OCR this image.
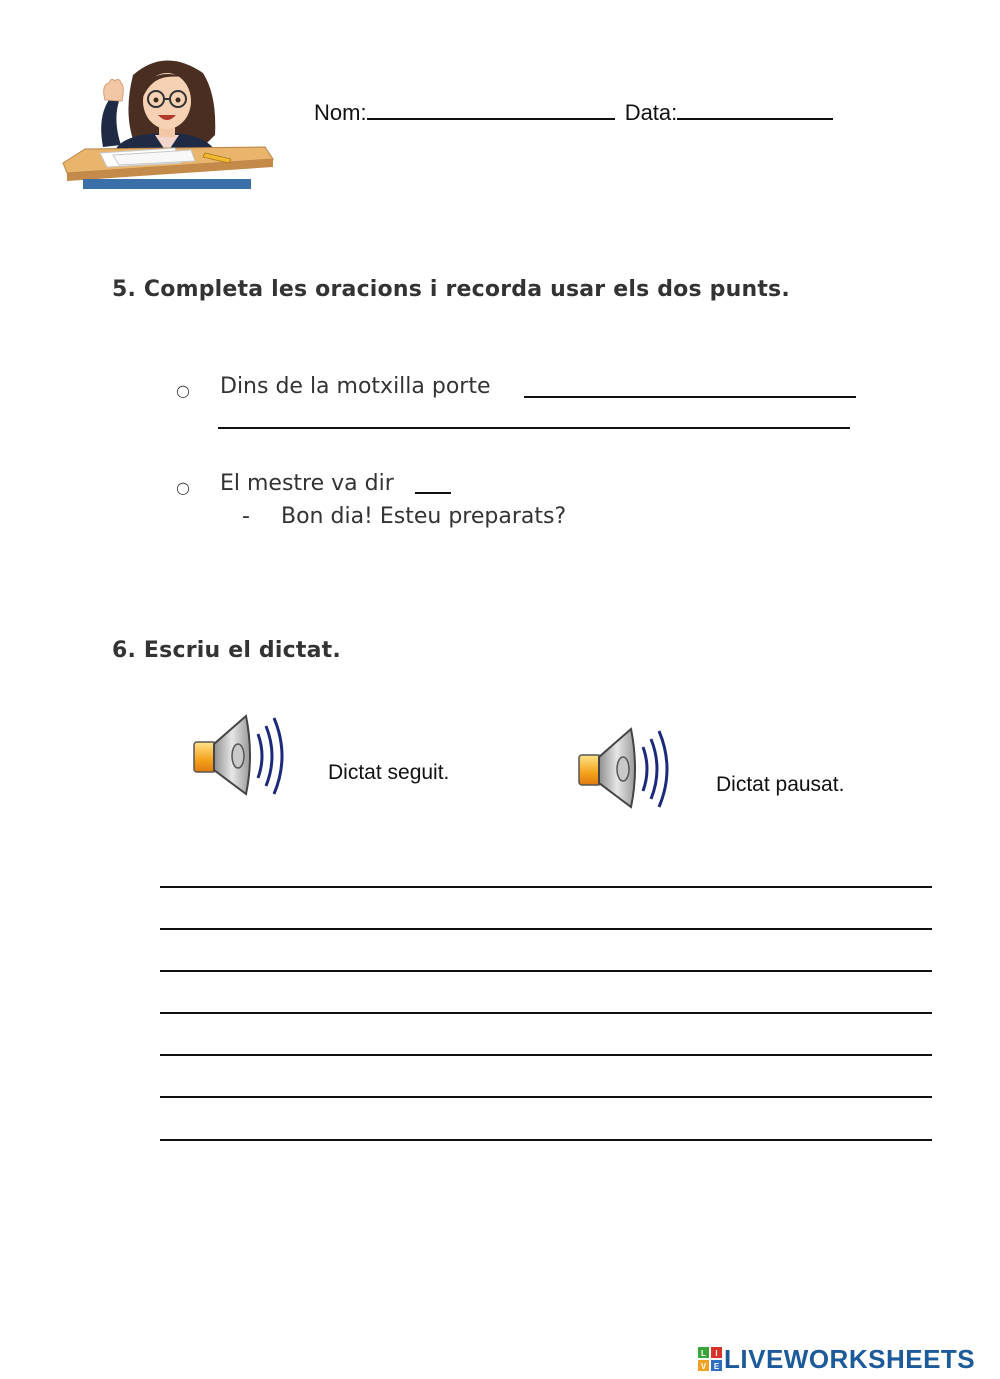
Nom:	Data:
5. Completa les oracions i recorda usar els dos punts.
○ Dins de la motxilla porte
○ El mestre va dir
- Bon dia! Esteu preparats?
6. Escriu el dictat.
Dictat seguit.
Dictat pausat.
L I
V E LIVEWORKSHEETS
